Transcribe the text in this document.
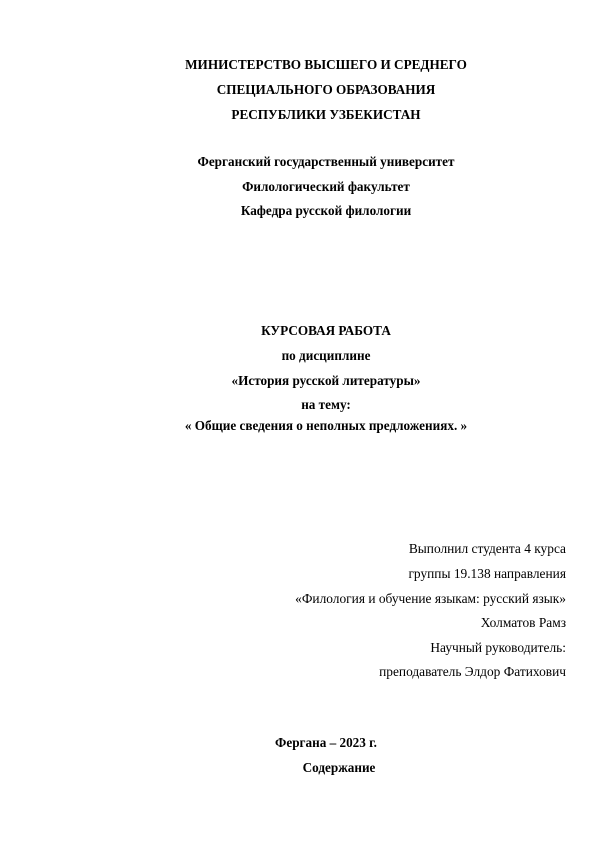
МИНИСТЕРСТВО ВЫСШЕГО И СРЕДНЕГО
СПЕЦИАЛЬНОГО ОБРАЗОВАНИЯ
РЕСПУБЛИКИ УЗБЕКИСТАН
Ферганский государственный университет
Филологический факультет
Кафедра русской филологии
КУРСОВАЯ РАБОТА
по дисциплине
«История русской литературы»
на тему:
« Общие сведения о неполных предложениях. »
Выполнил студента 4 курса
группы 19.138 направления
«Филология и обучение языкам: русский язык»
Холматов Рамз
Научный руководитель:
преподаватель Элдор Фатихович
Фергана – 2023 г.
Содержание
